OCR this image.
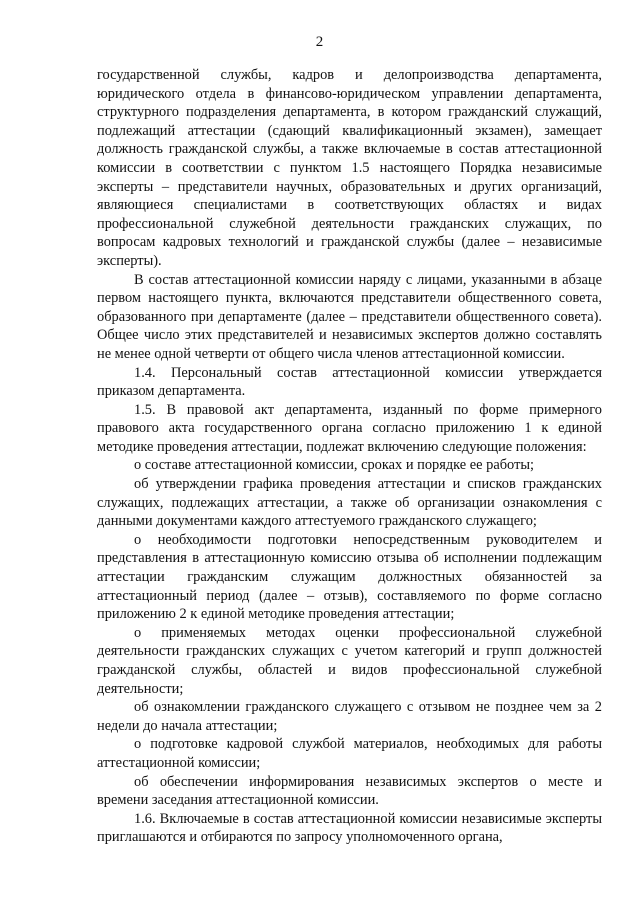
2

государственной службы, кадров и делопроизводства департамента, юридического отдела в финансово-юридическом управлении департамента, структурного подразделения департамента, в котором гражданский служащий, подлежащий аттестации (сдающий квалификационный экзамен), замещает должность гражданской службы, а также включаемые в состав аттестационной комиссии в соответствии с пунктом 1.5 настоящего Порядка независимые эксперты – представители научных, образовательных и других организаций, являющиеся специалистами в соответствующих областях и видах профессиональной служебной деятельности гражданских служащих, по вопросам кадровых технологий и гражданской службы (далее – независимые эксперты).

В состав аттестационной комиссии наряду с лицами, указанными в абзаце первом настоящего пункта, включаются представители общественного совета, образованного при департаменте (далее – представители общественного совета). Общее число этих представителей и независимых экспертов должно составлять не менее одной четверти от общего числа членов аттестационной комиссии.

1.4. Персональный состав аттестационной комиссии утверждается приказом департамента.

1.5. В правовой акт департамента, изданный по форме примерного правового акта государственного органа согласно приложению 1 к единой методике проведения аттестации, подлежат включению следующие положения:

о составе аттестационной комиссии, сроках и порядке ее работы;

об утверждении графика проведения аттестации и списков гражданских служащих, подлежащих аттестации, а также об организации ознакомления с данными документами каждого аттестуемого гражданского служащего;

о необходимости подготовки непосредственным руководителем и представления в аттестационную комиссию отзыва об исполнении подлежащим аттестации гражданским служащим должностных обязанностей за аттестационный период (далее – отзыв), составляемого по форме согласно приложению 2 к единой методике проведения аттестации;

о применяемых методах оценки профессиональной служебной деятельности гражданских служащих с учетом категорий и групп должностей гражданской службы, областей и видов профессиональной служебной деятельности;

об ознакомлении гражданского служащего с отзывом не позднее чем за 2 недели до начала аттестации;

о подготовке кадровой службой материалов, необходимых для работы аттестационной комиссии;

об обеспечении информирования независимых экспертов о месте и времени заседания аттестационной комиссии.

1.6. Включаемые в состав аттестационной комиссии независимые эксперты приглашаются и отбираются по запросу уполномоченного органа,
